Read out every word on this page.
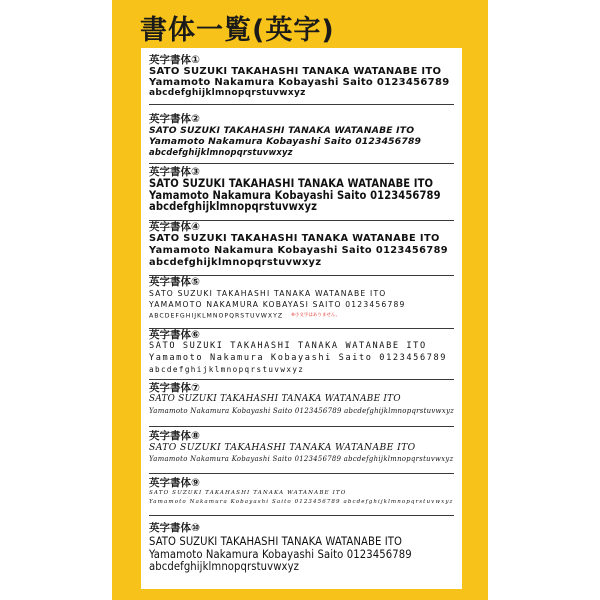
書体一覧(英字)
英字書体①
SATO SUZUKI TAKAHASHI TANAKA WATANABE ITO
Yamamoto Nakamura Kobayashi Saito 0123456789
abcdefghijklmnopqrstuvwxyz
英字書体②
SATO SUZUKI TAKAHASHI TANAKA WATANABE ITO
Yamamoto Nakamura Kobayashi Saito 0123456789
abcdefghijklmnopqrstuvwxyz
英字書体③
SATO SUZUKI TAKAHASHI TANAKA WATANABE ITO
Yamamoto Nakamura Kobayashi Saito 0123456789
abcdefghijklmnopqrstuvwxyz
英字書体④
SATO SUZUKI TAKAHASHI TANAKA WATANABE ITO
Yamamoto Nakamura Kobayashi Saito 0123456789
abcdefghijklmnopqrstuvwxyz
英字書体⑤
SATO SUZUKI TAKAHASHI TANAKA WATANABE ITO
YAMAMOTO NAKAMURA KOBAYASI SAITO 0123456789
ABCDEFGHIJKLMNOPQRSTUVWXYZ ※小文字はありません。
英字書体⑥
SATO SUZUKI TAKAHASHI TANAKA WATANABE ITO
Yamamoto Nakamura Kobayashi Saito 0123456789
abcdefghijklmnopqrstuvwxyz
英字書体⑦
SATO SUZUKI TAKAHASHI TANAKA WATANABE ITO
Yamamoto Nakamura Kobayashi Saito 0123456789 abcdefghijklmnopqrstuvwxyz
英字書体⑧
SATO SUZUKI TAKAHASHI TANAKA WATANABE ITO
Yamamoto Nakamura Kobayashi Saito 0123456789 abcdefghijklmnopqrstuvwxyz
英字書体⑨
SATO SUZUKI TAKAHASHI TANAKA WATANABE ITO
Yamamoto Nakamura Kobayashi Saito 0123456789 abcdefghijklmnopqrstuvwxyz
英字書体⑩
SATO SUZUKI TAKAHASHI TANAKA WATANABE ITO
Yamamoto Nakamura Kobayashi Saito 0123456789
abcdefghijklmnopqrstuvwxyz
